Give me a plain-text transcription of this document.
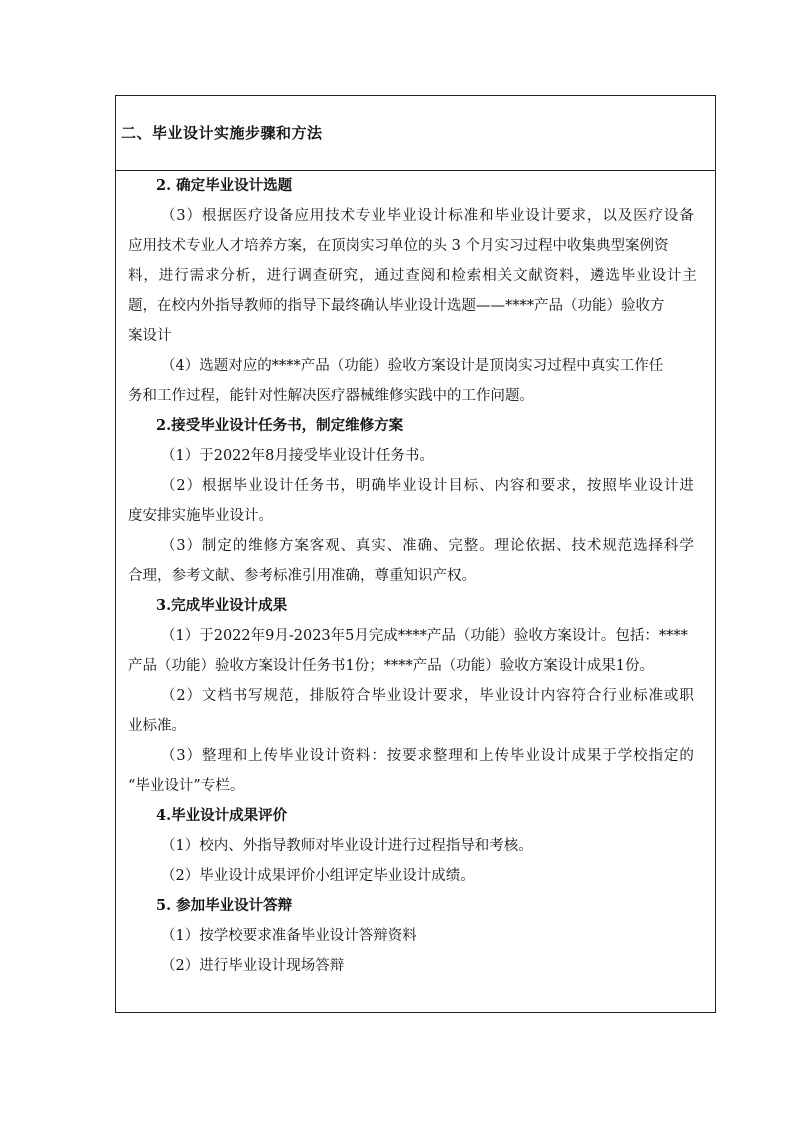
二、毕业设计实施步骤和方法
2. 确定毕业设计选题
（3）根据医疗设备应用技术专业毕业设计标准和毕业设计要求，以及医疗设备
应用技术专业人才培养方案，在顶岗实习单位的头 3 个月实习过程中收集典型案例资
料，进行需求分析，进行调查研究，通过查阅和检索相关文献资料，遴选毕业设计主
题，在校内外指导教师的指导下最终确认毕业设计选题——****产品（功能）验收方
案设计
（4）选题对应的****产品（功能）验收方案设计是顶岗实习过程中真实工作任
务和工作过程，能针对性解决医疗器械维修实践中的工作问题。
2.接受毕业设计任务书，制定维修方案
（1）于2022年8月接受毕业设计任务书。
（2）根据毕业设计任务书，明确毕业设计目标、内容和要求，按照毕业设计进
度安排实施毕业设计。
（3）制定的维修方案客观、真实、准确、完整。理论依据、技术规范选择科学
合理，参考文献、参考标准引用准确，尊重知识产权。
3.完成毕业设计成果
（1）于2022年9月-2023年5月完成****产品（功能）验收方案设计。包括：****
产品（功能）验收方案设计任务书1份；****产品（功能）验收方案设计成果1份。
（2）文档书写规范，排版符合毕业设计要求，毕业设计内容符合行业标准或职
业标准。
（3）整理和上传毕业设计资料：按要求整理和上传毕业设计成果于学校指定的
“毕业设计”专栏。
4.毕业设计成果评价
（1）校内、外指导教师对毕业设计进行过程指导和考核。
（2）毕业设计成果评价小组评定毕业设计成绩。
5. 参加毕业设计答辩
（1）按学校要求准备毕业设计答辩资料
（2）进行毕业设计现场答辩
